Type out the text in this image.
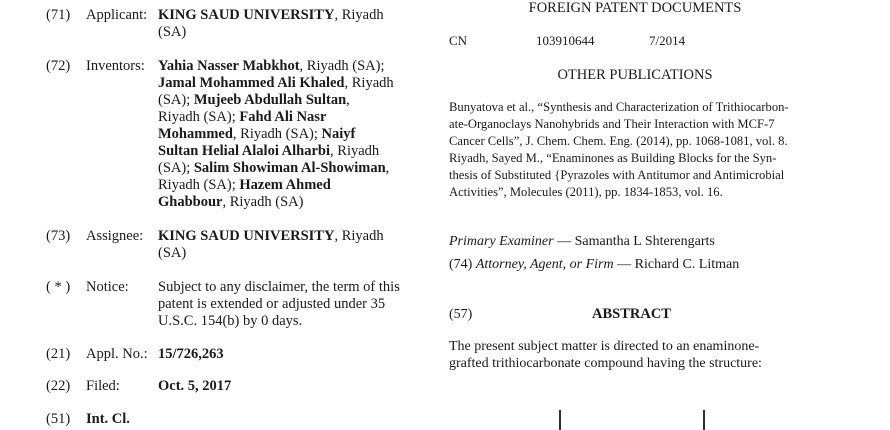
(71) Applicant: KING SAUD UNIVERSITY, Riyadh
(SA)
(72) Inventors: Yahia Nasser Mabkhot, Riyadh (SA);
Jamal Mohammed Ali Khaled, Riyadh
(SA); Mujeeb Abdullah Sultan,
Riyadh (SA); Fahd Ali Nasr
Mohammed, Riyadh (SA); Naiyf
Sultan Helial Alaloi Alharbi, Riyadh
(SA); Salim Showiman Al-Showiman,
Riyadh (SA); Hazem Ahmed
Ghabbour, Riyadh (SA)
(73) Assignee: KING SAUD UNIVERSITY, Riyadh
(SA)
( * ) Notice: Subject to any disclaimer, the term of this
patent is extended or adjusted under 35
U.S.C. 154(b) by 0 days.
(21) Appl. No.: 15/726,263
(22) Filed:	Oct. 5, 2017
(51) Int. Cl.
FOREIGN PATENT DOCUMENTS
CN	103910644	7/2014
OTHER PUBLICATIONS
Bunyatova et al., “Synthesis and Characterization of Trithiocarbon-
ate-Organoclays Nanohybrids and Their Interaction with MCF-7
Cancer Cells”, J. Chem. Chem. Eng. (2014), pp. 1068-1081, vol. 8.
Riyadh, Sayed M., “Enaminones as Building Blocks for the Syn-
thesis of Substituted {Pyrazoles with Antitumor and Antimicrobial
Activities”, Molecules (2011), pp. 1834-1853, vol. 16.
Primary Examiner — Samantha L Shterengarts
(74) Attorney, Agent, or Firm — Richard C. Litman
(57)	ABSTRACT
The present subject matter is directed to an enaminone-
grafted trithiocarbonate compound having the structure:
